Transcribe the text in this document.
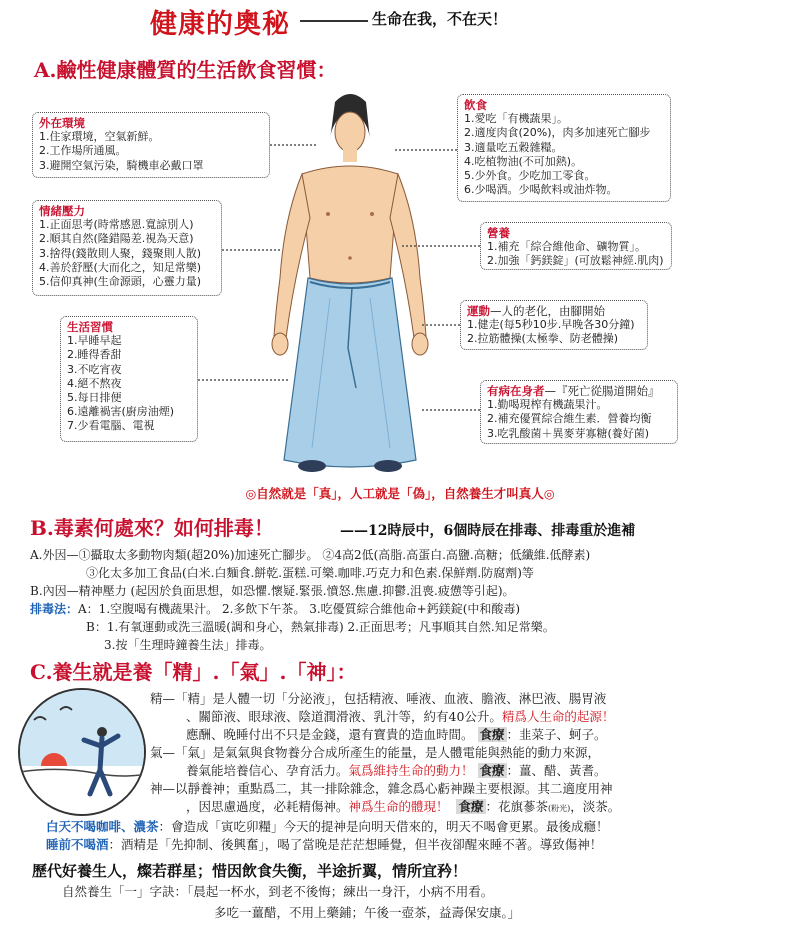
健康的奧秘	生命在我，不在天！
A.鹼性健康體質的生活飲食習慣：
外在環境
1.住家環境，空氣新鮮。
2.工作場所通風。
3.避開空氣污染，騎機車必戴口罩
情緒壓力
1.正面思考(時常感恩.寬諒別人)
2.順其自然(隆錯陽差.視為天意)
3.捨得(錢散則人聚，錢聚則人散)
4.善於舒壓(大而化之，知足常樂)
5.信仰真神(生命源頭，心靈力量)
生活習慣
1.早睡早起
2.睡得香甜
3.不吃宵夜
4.絕不熬夜
5.每日排便
6.遠離禍害(廚房油煙)
7.少看電腦、電視
飲食
1.愛吃「有機蔬果」。
2.適度肉食(20%)，肉多加速死亡腳步
3.適量吃五穀雜糧。
4.吃植物油(不可加熱)。
5.少外食。少吃加工零食。
6.少喝酒。少喝飲料或油炸物。
營養
1.補充「綜合維他命、礦物質」。
2.加強「鈣鎂錠」(可放鬆神經.肌肉)
運動—人的老化，由腳開始
1.健走(每5秒10步.早晚各30分鐘)
2.拉筋體操(太極拳、防老體操)
有病在身者—『死亡從腸道開始』
1.勤喝現榨有機蔬果汁。
2.補充優質綜合維生素．營養均衡
3.吃乳酸菌＋異麥芽寡糖(養好菌)
◎自然就是「真」，人工就是「偽」，自然養生才叫真人◎
B.毒素何處來？如何排毒！	——12時辰中，6個時辰在排毒、排毒重於進補
A.外因—①攝取太多動物肉類(超20%)加速死亡腳步。 ②4高2低(高脂.高蛋白.高鹽.高糖；低纖維.低酵素)
③化太多加工食品(白米.白麵食.餅乾.蛋糕.可樂.咖啡.巧克力和色素.保鮮劑.防腐劑)等
B.內因—精神壓力 (起因於負面思想，如恐懼.懷疑.緊張.憤怒.焦慮.抑鬱.沮喪.疲憊等引起)。
排毒法：A：1.空腹喝有機蔬果汁。 2.多飲下午茶。 3.吃優質綜合維他命+鈣鎂錠(中和酸毒)
B：1.有氧運動或洗三溫暖(調和身心，熱氣排毒) 2.正面思考；凡事順其自然.知足常樂。
3.按「生理時鐘養生法」排毒。
C.養生就是養「精」.「氣」.「神」：
精—「精」是人體一切「分泌液」，包括精液、唾液、血液、膽液、淋巴液、腸胃液
、關節液、眼球液、陰道潤滑液、乳汁等，約有40公升。精爲人生命的起源！
應酬、晚睡付出不只是金錢，還有寶貴的造血時間。 食療 ：韭菜子、蚵子。
氣—「氣」是氣氣與食物養分合成所產生的能量，是人體電能與熱能的動力來源，
養氣能培養信心、孕育活力。氣爲維持生命的動力！ 食療 ：薑、醋、黃耆。
神—以靜養神；重點爲二，其一排除雜念，雜念爲心虧神躁主要根源。其二適度用神
，因思慮過度，必耗精傷神。神爲生命的體現！ 食療 ：花旗蔘茶(粉光)，淡茶。
白天不喝咖啡、濃茶：會造成「寅吃卯糧」今天的提神是向明天借來的，明天不喝會更累。最後成癮！
睡前不喝酒：酒精是「先抑制、後興奮」，喝了當晚是茫茫想睡覺，但半夜卻醒來睡不著。導致傷神！
歷代好養生人，燦若群星；惜因飲食失衡，半途折翼，情所宜矜！
自然養生「一」字訣：「晨起一杯水，到老不後悔；練出一身汗，小病不用看。
多吃一薑醋，不用上藥鋪；午後一壺茶，益壽保安康。」
